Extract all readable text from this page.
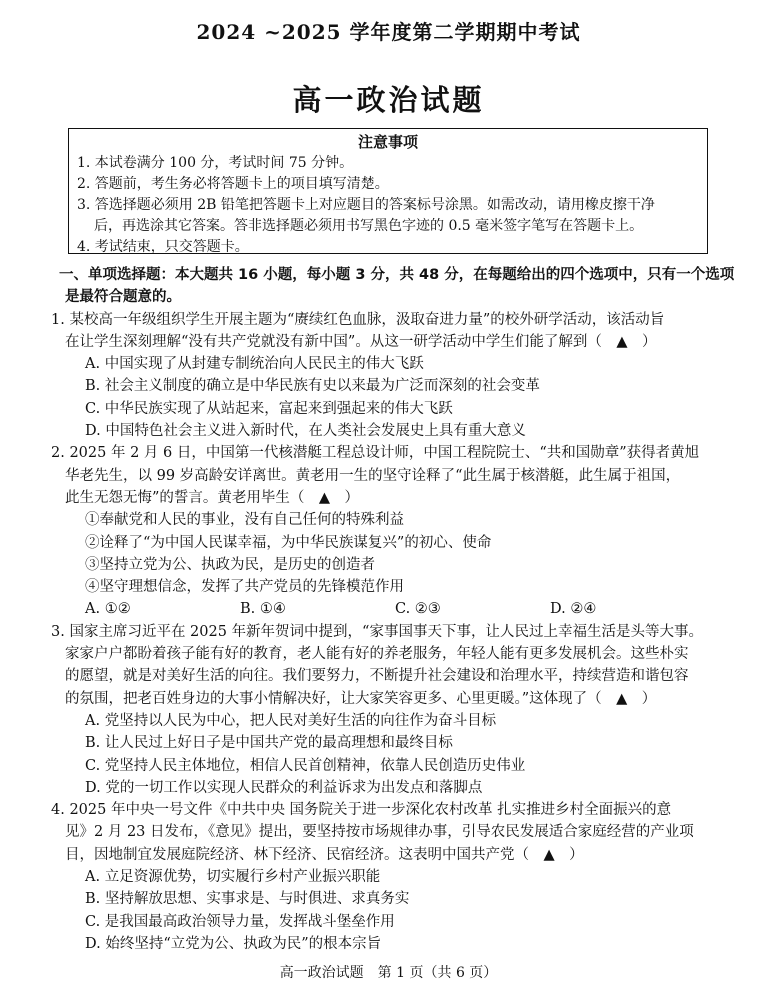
2024 ~2025 学年度第二学期期中考试
高一政治试题
注意事项
1. 本试卷满分 100 分，考试时间 75 分钟。
2. 答题前，考生务必将答题卡上的项目填写清楚。
3. 答选择题必须用 2B 铅笔把答题卡上对应题目的答案标号涂黑。如需改动，请用橡皮擦干净
后，再选涂其它答案。答非选择题必须用书写黑色字迹的 0.5 毫米签字笔写在答题卡上。
4. 考试结束，只交答题卡。
一、单项选择题：本大题共 16 小题，每小题 3 分，共 48 分，在每题给出的四个选项中，只有一个选项
是最符合题意的。
1. 某校高一年级组织学生开展主题为“赓续红色血脉，汲取奋进力量”的校外研学活动，该活动旨
在让学生深刻理解“没有共产党就没有新中国”。从这一研学活动中学生们能了解到（　▲　）
A. 中国实现了从封建专制统治向人民民主的伟大飞跃
B. 社会主义制度的确立是中华民族有史以来最为广泛而深刻的社会变革
C. 中华民族实现了从站起来，富起来到强起来的伟大飞跃
D. 中国特色社会主义进入新时代，在人类社会发展史上具有重大意义
2. 2025 年 2 月 6 日，中国第一代核潜艇工程总设计师，中国工程院院士、“共和国勋章”获得者黄旭
华老先生，以 99 岁高龄安详离世。黄老用一生的坚守诠释了“此生属于核潜艇，此生属于祖国，
此生无怨无悔”的誓言。黄老用毕生（　▲　）
①奉献党和人民的事业，没有自己任何的特殊利益
②诠释了“为中国人民谋幸福，为中华民族谋复兴”的初心、使命
③坚持立党为公、执政为民，是历史的创造者
④坚守理想信念，发挥了共产党员的先锋模范作用
A. ①②	B. ①④	C. ②③	D. ②④
3. 国家主席习近平在 2025 年新年贺词中提到，“家事国事天下事，让人民过上幸福生活是头等大事。
家家户户都盼着孩子能有好的教育，老人能有好的养老服务，年轻人能有更多发展机会。这些朴实
的愿望，就是对美好生活的向往。我们要努力，不断提升社会建设和治理水平，持续营造和谐包容
的氛围，把老百姓身边的大事小情解决好，让大家笑容更多、心里更暖。”这体现了（　▲　）
A. 党坚持以人民为中心，把人民对美好生活的向往作为奋斗目标
B. 让人民过上好日子是中国共产党的最高理想和最终目标
C. 党坚持人民主体地位，相信人民首创精神，依靠人民创造历史伟业
D. 党的一切工作以实现人民群众的利益诉求为出发点和落脚点
4. 2025 年中央一号文件《中共中央 国务院关于进一步深化农村改革 扎实推进乡村全面振兴的意
见》2 月 23 日发布，《意见》提出，要坚持按市场规律办事，引导农民发展适合家庭经营的产业项
目，因地制宜发展庭院经济、林下经济、民宿经济。这表明中国共产党（　▲　）
A. 立足资源优势，切实履行乡村产业振兴职能
B. 坚持解放思想、实事求是、与时俱进、求真务实
C. 是我国最高政治领导力量，发挥战斗堡垒作用
D. 始终坚持“立党为公、执政为民”的根本宗旨
高一政治试题　第 1 页（共 6 页）
